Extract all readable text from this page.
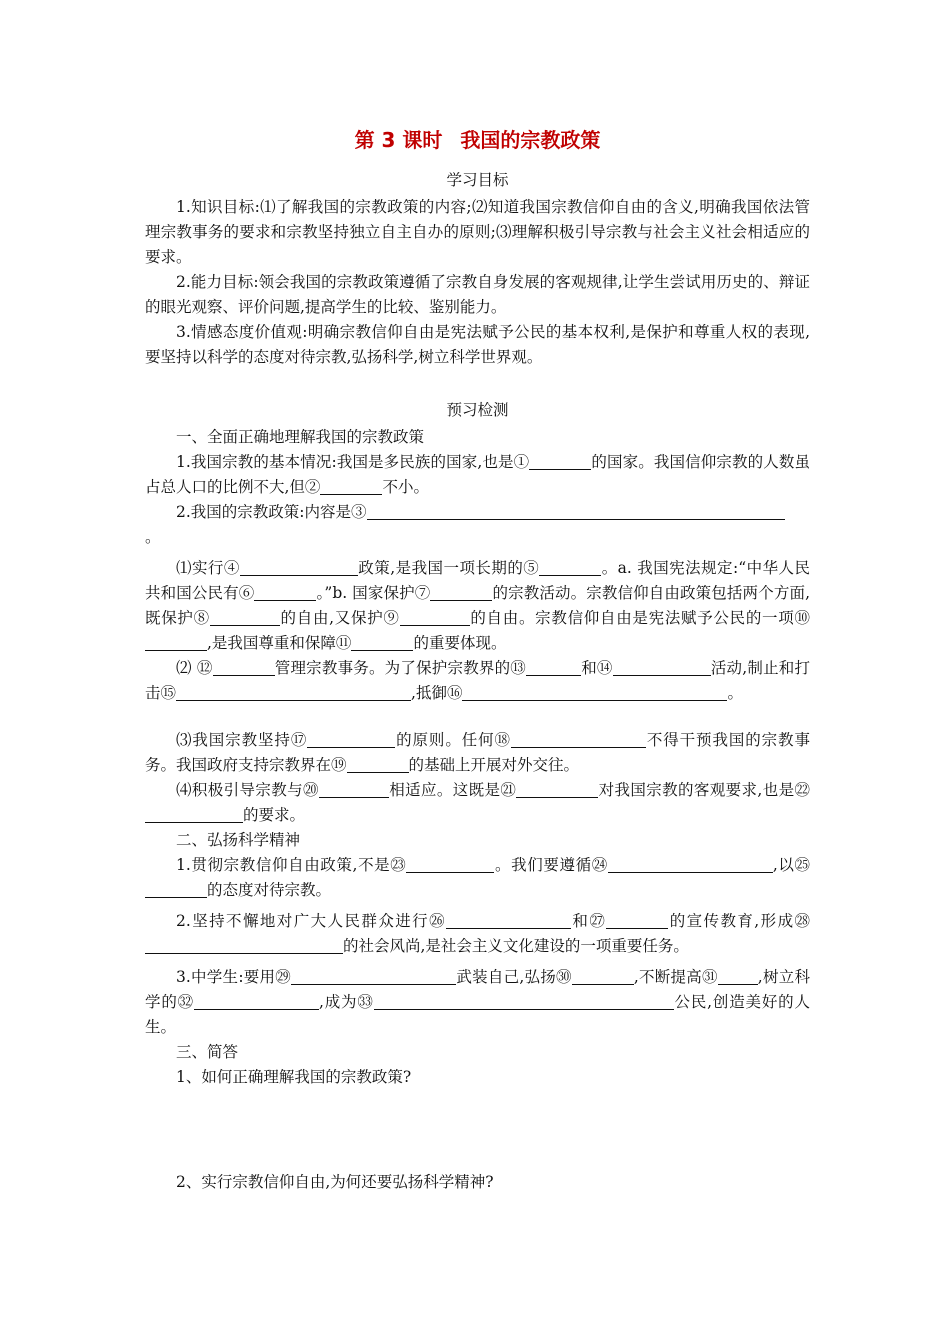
第 3 课时 我国的宗教政策
学习目标

1.知识目标:⑴了解我国的宗教政策的内容;⑵知道我国宗教信仰自由的含义,明确我国依法管理宗教事务的要求和宗教坚持独立自主自办的原则;⑶理解积极引导宗教与社会主义社会相适应的要求。

2.能力目标:领会我国的宗教政策遵循了宗教自身发展的客观规律,让学生尝试用历史的、辩证的眼光观察、评价问题,提高学生的比较、鉴别能力。

3.情感态度价值观:明确宗教信仰自由是宪法赋予公民的基本权利,是保护和尊重人权的表现,要坚持以科学的态度对待宗教,弘扬科学,树立科学世界观。

预习检测

一、全面正确地理解我国的宗教政策

1.我国宗教的基本情况:我国是多民族的国家,也是①	的国家。我国信仰宗教的人数虽占总人口的比例不大,但②	不小。

2.我国的宗教政策:内容是③
。

⑴实行④	政策,是我国一项长期的⑤	。a. 我国宪法规定:“中华人民共和国公民有⑥	。”b. 国家保护⑦	的宗教活动。宗教信仰自由政策包括两个方面,既保护⑧	的自由,又保护⑨	的自由。宗教信仰自由是宪法赋予公民的一项⑩,是我国尊重和保障⑪	的重要体现。

⑵ ⑫	管理宗教事务。为了保护宗教界的⑬	和⑭	活动,制止和打击⑮	,抵御⑯	。

⑶我国宗教坚持⑰	的原则。任何⑱	不得干预我国的宗教事务。我国政府支持宗教界在⑲	的基础上开展对外交往。

⑷积极引导宗教与⑳	相适应。这既是㉑	对我国宗教的客观要求,也是㉒的要求。

二、弘扬科学精神

1.贯彻宗教信仰自由政策,不是㉓	。我们要遵循㉔	,以㉕的态度对待宗教。

2.坚持不懈地对广大人民群众进行㉖	和㉗	的宣传教育,形成㉘的社会风尚,是社会主义文化建设的一项重要任务。

3.中学生:要用㉙	武装自己,弘扬㉚	,不断提高㉛	,树立科学的㉜	,成为㉝	公民,创造美好的人生。

三、简答

1、如何正确理解我国的宗教政策?

2、实行宗教信仰自由,为何还要弘扬科学精神?
